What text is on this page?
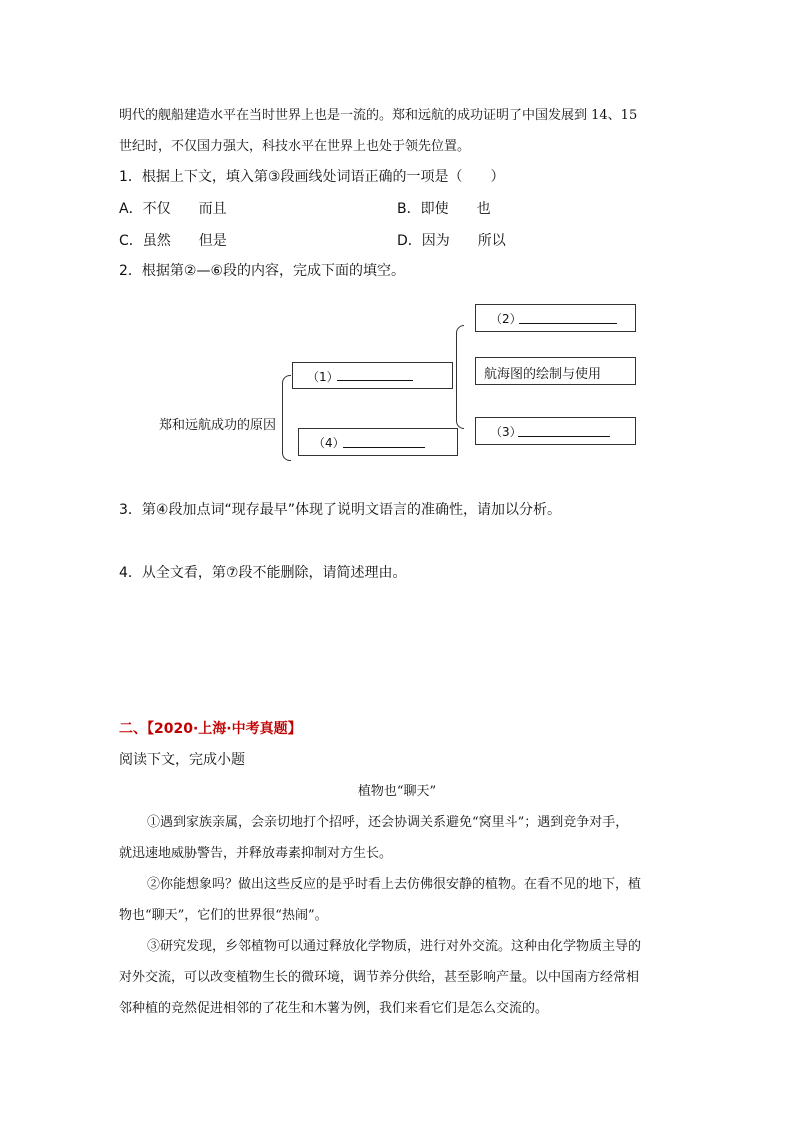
明代的舰船建造水平在当时世界上也是一流的。郑和远航的成功证明了中国发展到 14、15
世纪时，不仅国力强大，科技水平在世界上也处于领先位置。
1．根据上下文，填入第③段画线处词语正确的一项是（　　）
A．不仅　　而且	B．即使　　也
C．虽然　　但是	D．因为　　所以
2．根据第②—⑥段的内容，完成下面的填空。
郑和远航成功的原因
（1）
（4）
（2）
航海图的绘制与使用
（3）
3．第④段加点词“现存最早”体现了说明文语言的准确性，请加以分析。
4．从全文看，第⑦段不能删除，请简述理由。
二、【2020·上海·中考真题】
阅读下文，完成小题
植物也“聊天”
①遇到家族亲属，会亲切地打个招呼，还会协调关系避免“窝里斗”；遇到竞争对手，
就迅速地威胁警告，并释放毒素抑制对方生长。
②你能想象吗？做出这些反应的是乎时看上去仿佛很安静的植物。在看不见的地下，植
物也“聊天”，它们的世界很“热闹”。
③研究发现，乡邻植物可以通过释放化学物质，进行对外交流。这种由化学物质主导的
对外交流，可以改变植物生长的微环境，调节养分供给，甚至影响产量。以中国南方经常相
邻种植的竞然促进相邻的了花生和木薯为例，我们来看它们是怎么交流的。
